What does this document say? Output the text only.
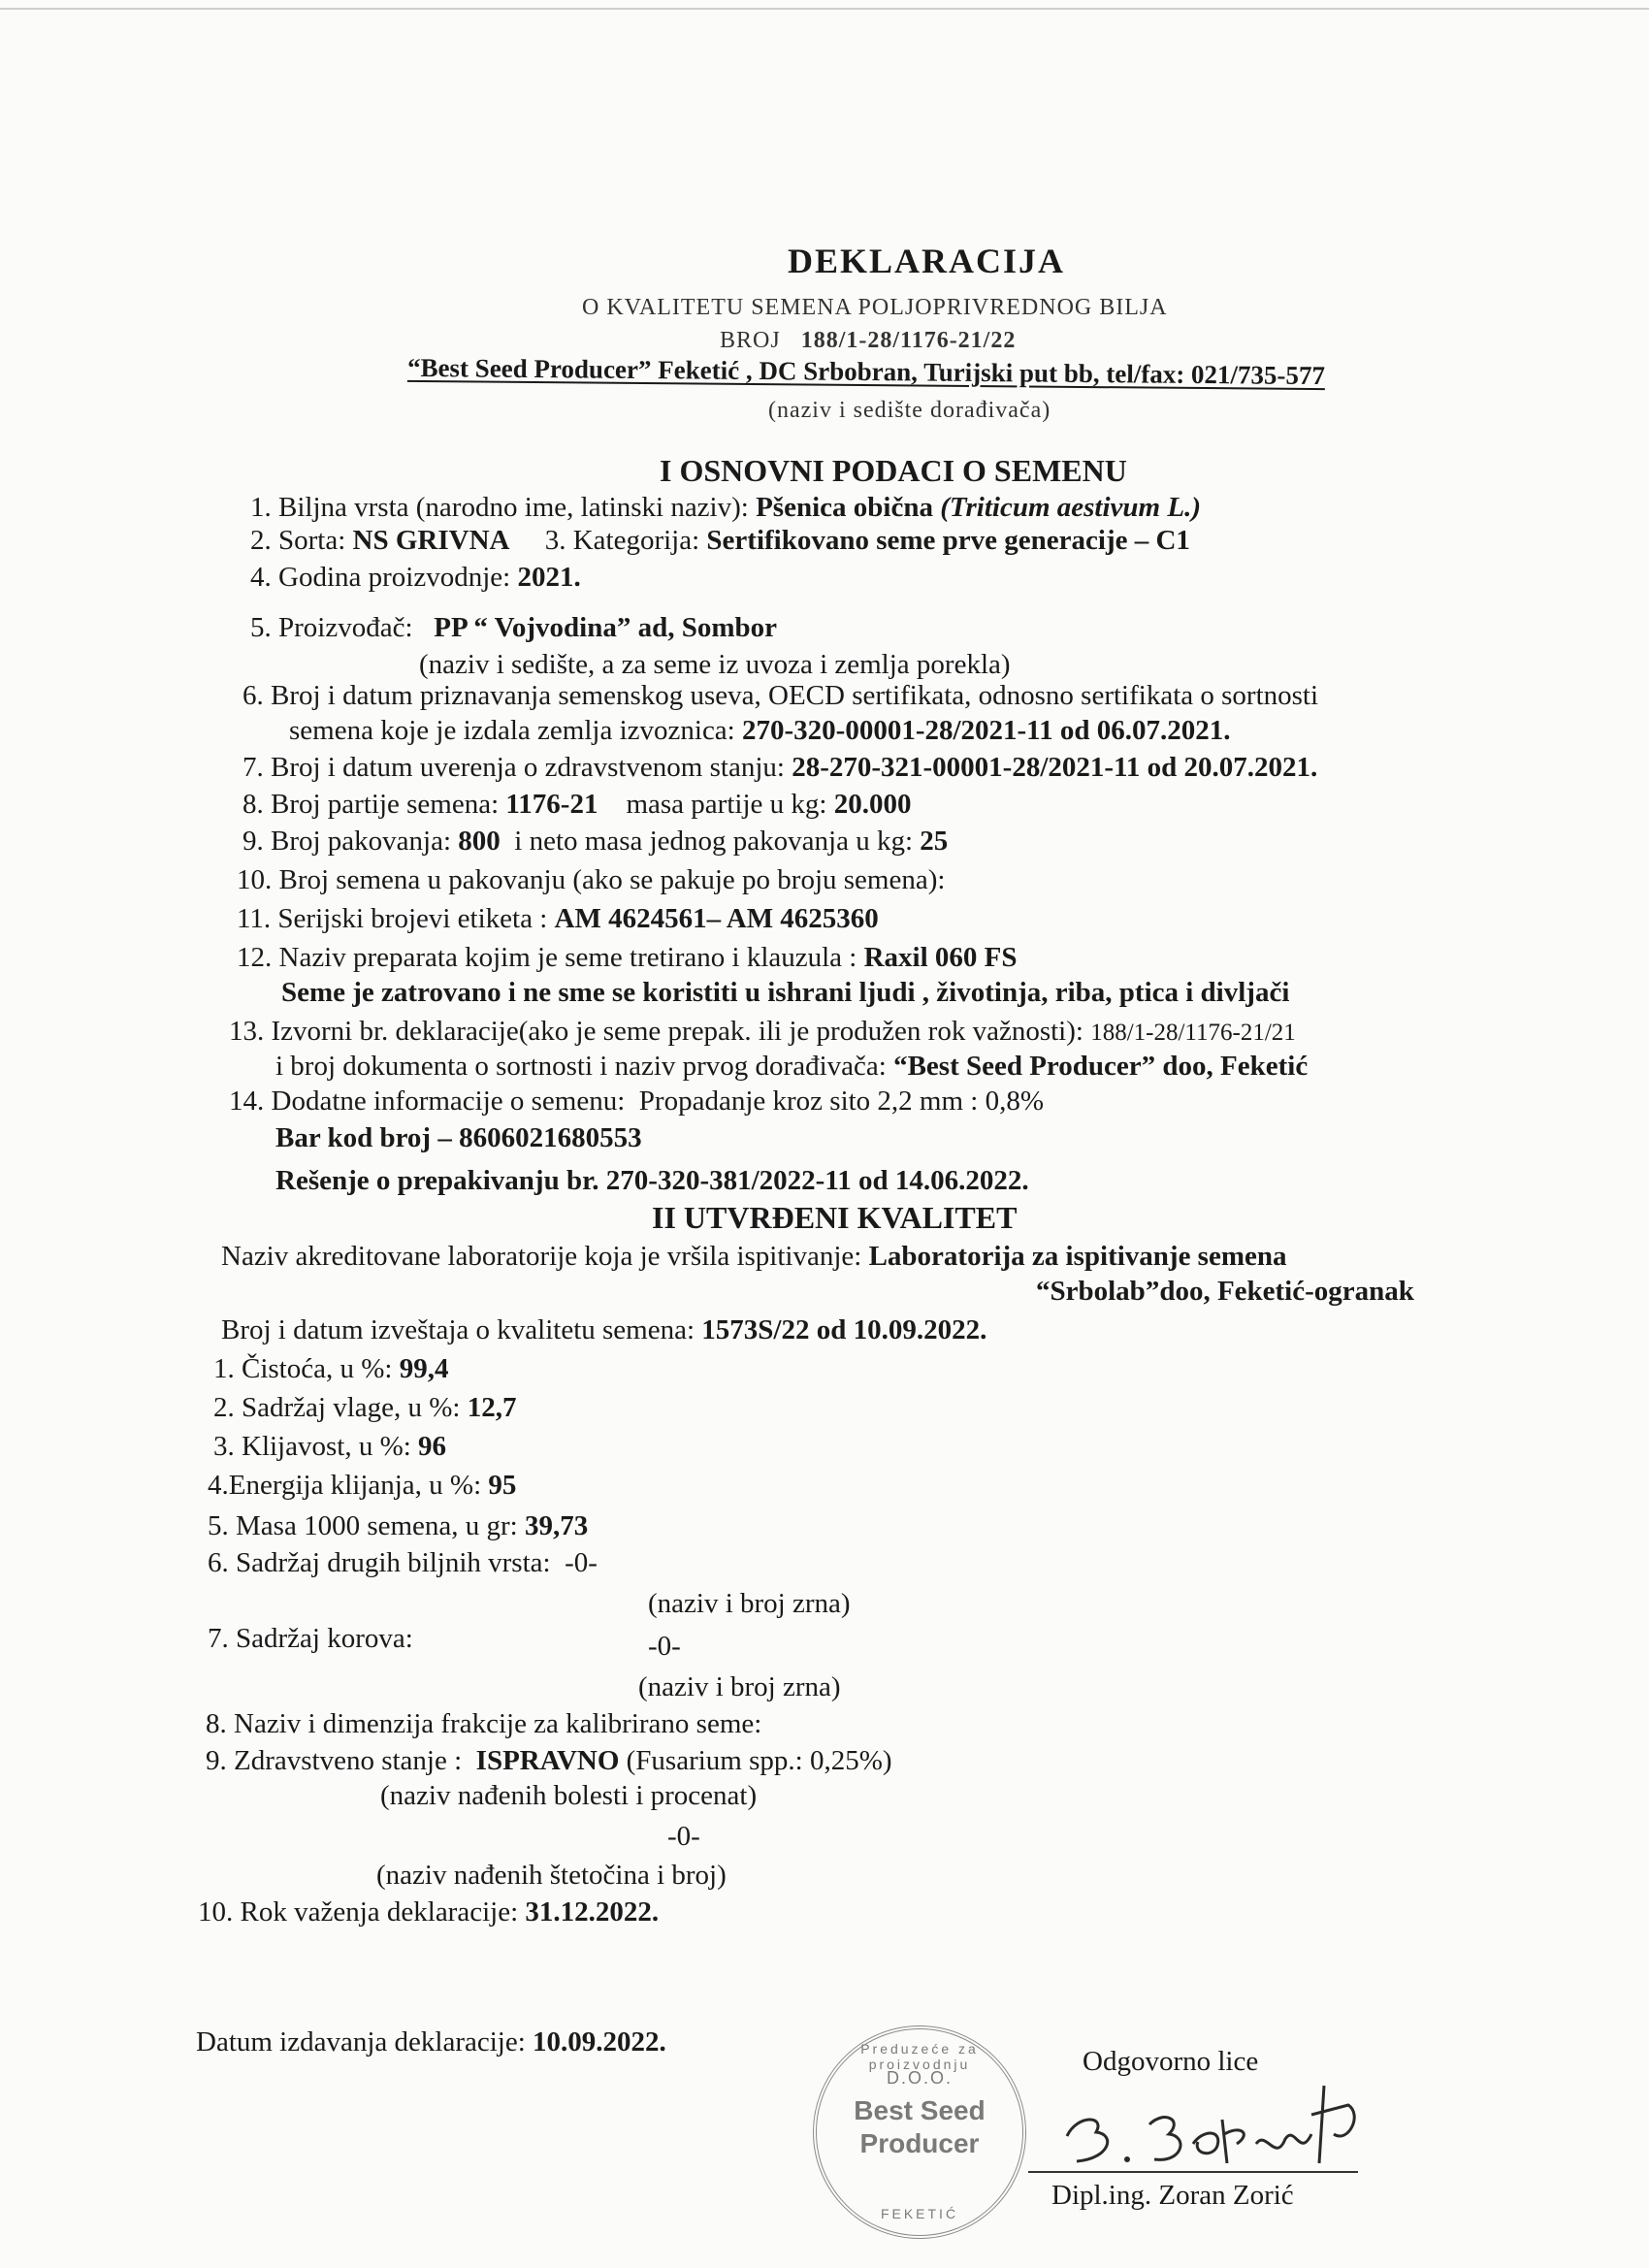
DEKLARACIJA
O KVALITETU SEMENA POLJOPRIVREDNOG BILJA
BROJ 188/1-28/1176-21/22
“Best Seed Producer” Feketić , DC Srbobran, Turijski put bb, tel/fax: 021/735-577
(naziv i sedište dorađivača)
I OSNOVNI PODACI O SEMENU
1. Biljna vrsta (narodno ime, latinski naziv): Pšenica obična (Triticum aestivum L.)
2. Sorta: NS GRIVNA 3. Kategorija: Sertifikovano seme prve generacije – C1
4. Godina proizvodnje: 2021.
5. Proizvođač: PP “ Vojvodina” ad, Sombor
(naziv i sedište, a za seme iz uvoza i zemlja porekla)
6. Broj i datum priznavanja semenskog useva, OECD sertifikata, odnosno sertifikata o sortnosti
semena koje je izdala zemlja izvoznica: 270-320-00001-28/2021-11 od 06.07.2021.
7. Broj i datum uverenja o zdravstvenom stanju: 28-270-321-00001-28/2021-11 od 20.07.2021.
8. Broj partije semena: 1176-21 masa partije u kg: 20.000
9. Broj pakovanja: 800 i neto masa jednog pakovanja u kg: 25
10. Broj semena u pakovanju (ako se pakuje po broju semena):
11. Serijski brojevi etiketa : AM 4624561– AM 4625360
12. Naziv preparata kojim je seme tretirano i klauzula : Raxil 060 FS
Seme je zatrovano i ne sme se koristiti u ishrani ljudi , životinja, riba, ptica i divljači
13. Izvorni br. deklaracije(ako je seme prepak. ili je produžen rok važnosti): 188/1-28/1176-21/21
i broj dokumenta o sortnosti i naziv prvog dorađivača: “Best Seed Producer” doo, Feketić
14. Dodatne informacije o semenu: Propadanje kroz sito 2,2 mm : 0,8%
Bar kod broj – 8606021680553
Rešenje o prepakivanju br. 270-320-381/2022-11 od 14.06.2022.
II UTVRĐENI KVALITET
Naziv akreditovane laboratorije koja je vršila ispitivanje: Laboratorija za ispitivanje semena
“Srbolab”doo, Feketić-ogranak
Broj i datum izveštaja o kvalitetu semena: 1573S/22 od 10.09.2022.
1. Čistoća, u %: 99,4
2. Sadržaj vlage, u %: 12,7
3. Klijavost, u %: 96
4.Energija klijanja, u %: 95
5. Masa 1000 semena, u gr: 39,73
6. Sadržaj drugih biljnih vrsta: -0-
(naziv i broj zrna)
7. Sadržaj korova:	-0-
(naziv i broj zrna)
8. Naziv i dimenzija frakcije za kalibrirano seme:
9. Zdravstveno stanje : ISPRAVNO (Fusarium spp.: 0,25%)
(naziv nađenih bolesti i procenat)
-0-
(naziv nađenih štetočina i broj)
10. Rok važenja deklaracije: 31.12.2022.
Datum izdavanja deklaracije: 10.09.2022.	Preduzeće za proizvodnju
D.O.O.
Best Seed
Producer
FEKETIĆ
Odgovorno lice
Dipl.ing. Zoran Zorić
